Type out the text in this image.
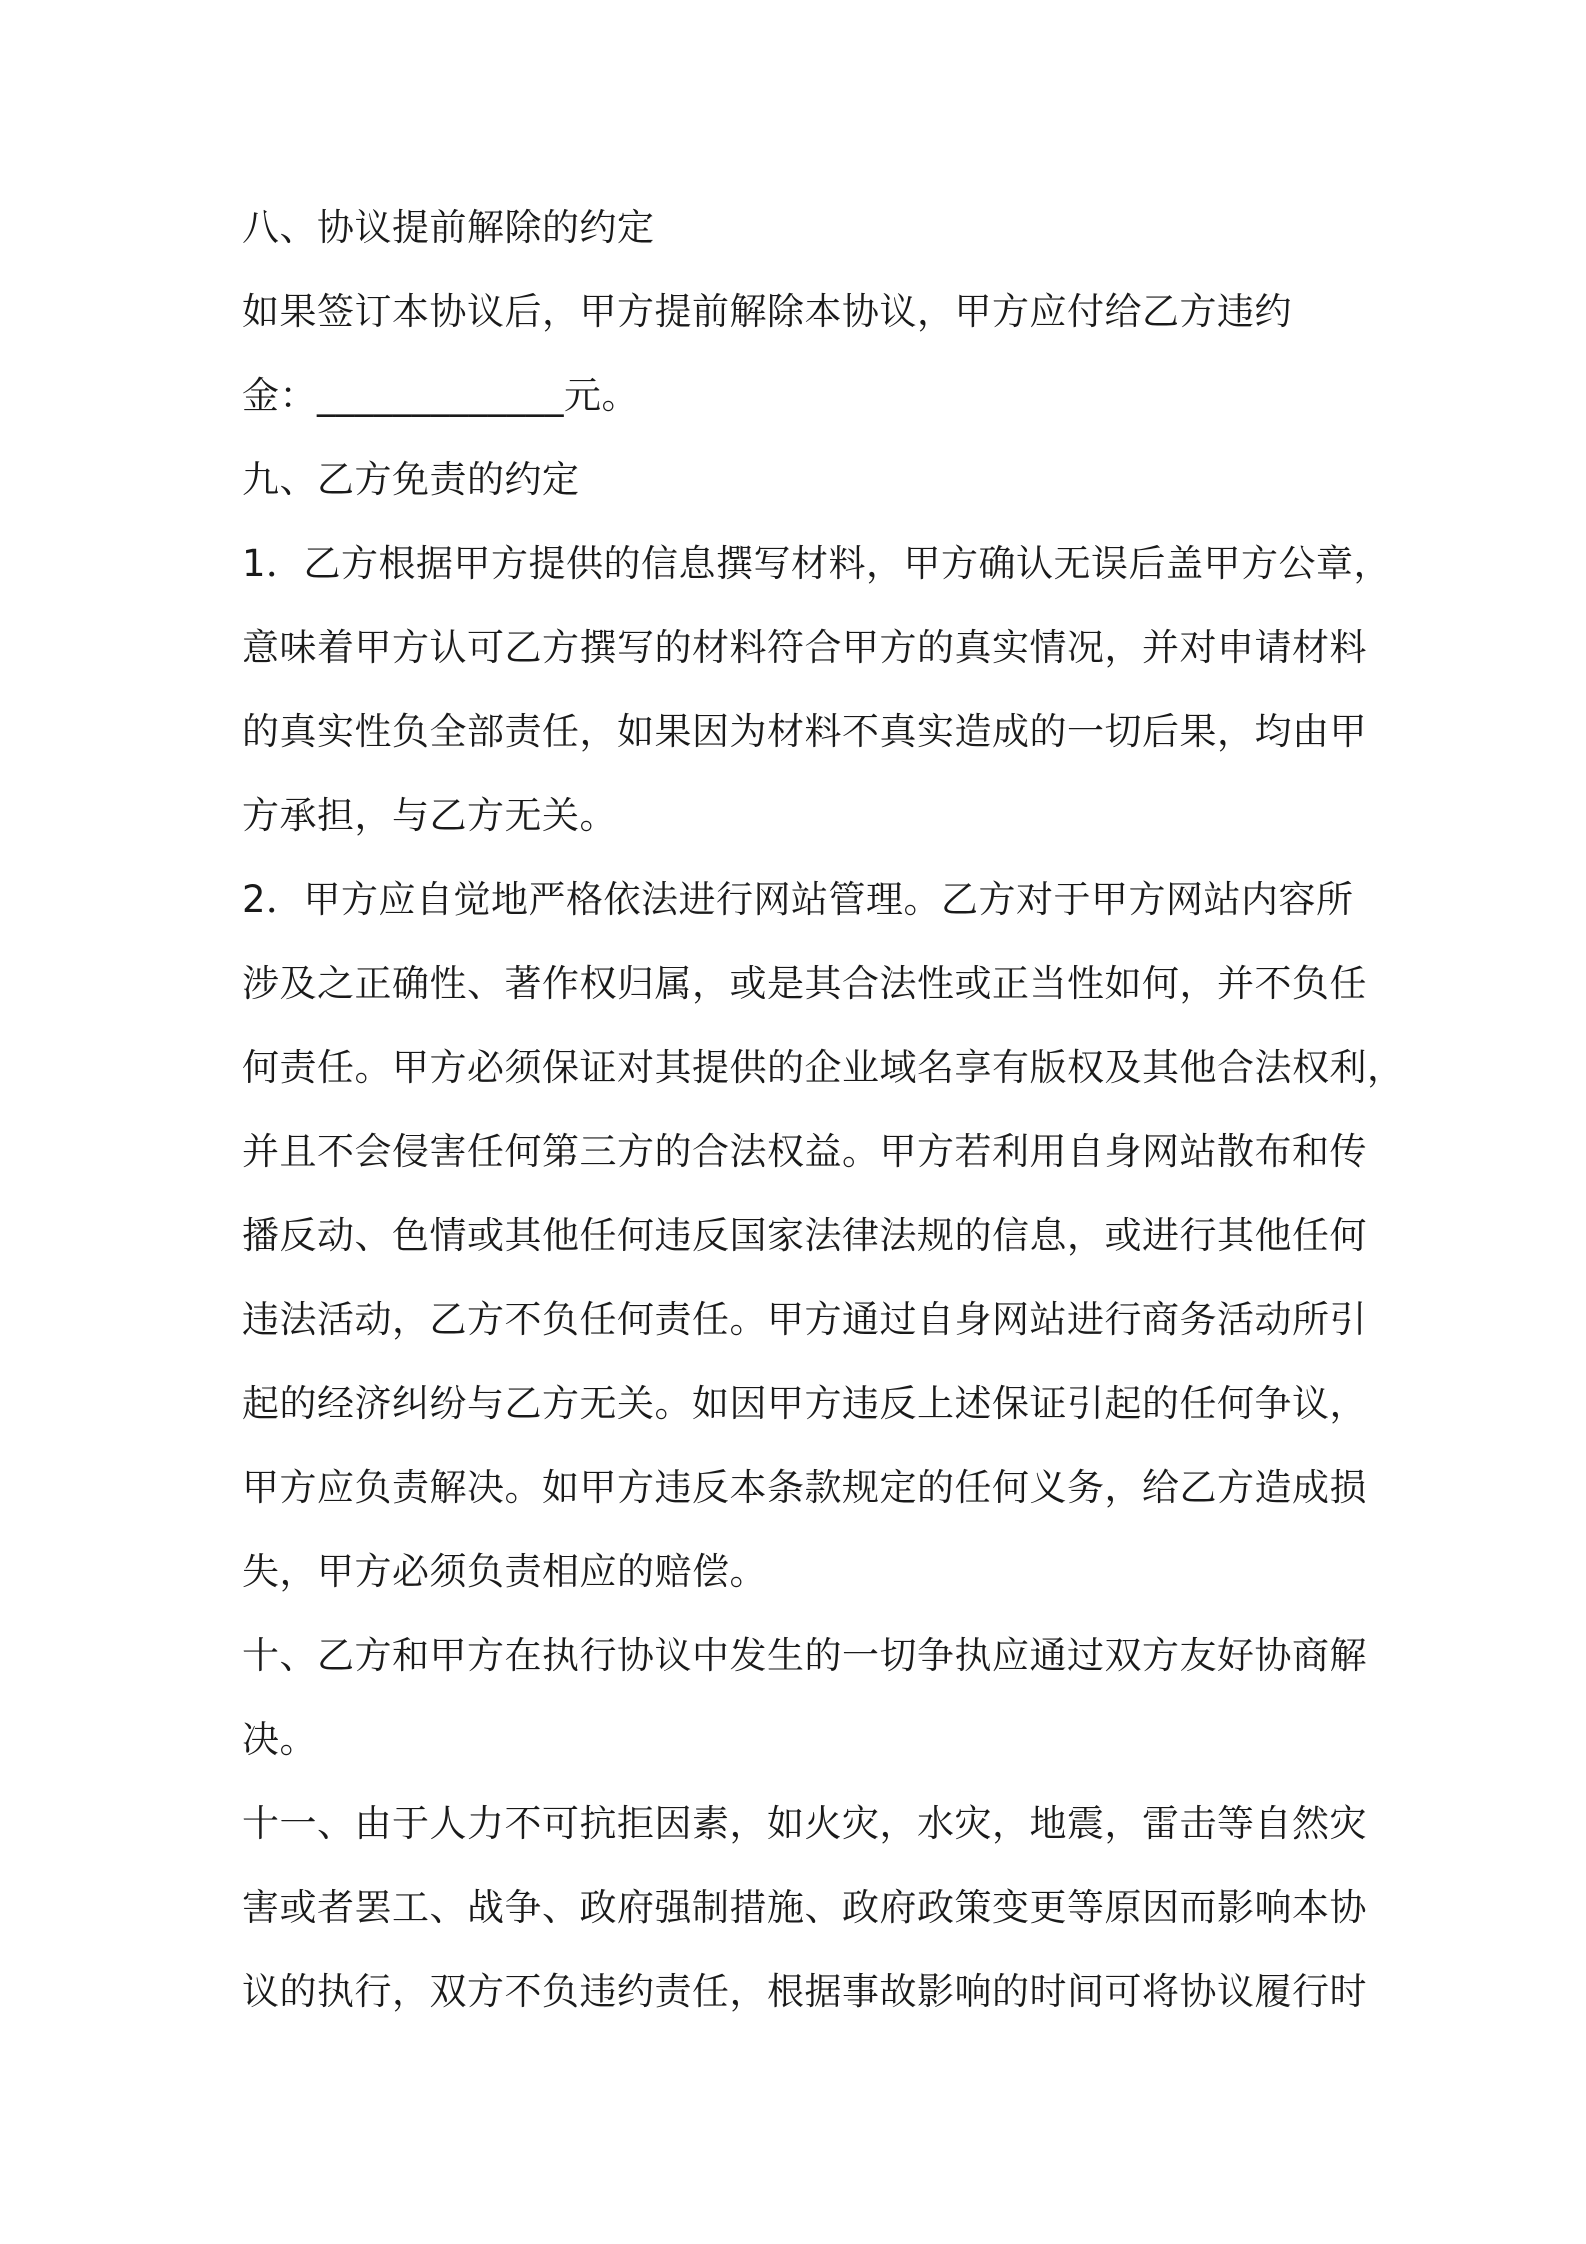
八、协议提前解除的约定
如果签订本协议后，甲方提前解除本协议，甲方应付给乙方违约
金：_____________元。
九、乙方免责的约定
1．乙方根据甲方提供的信息撰写材料，甲方确认无误后盖甲方公章，
意味着甲方认可乙方撰写的材料符合甲方的真实情况，并对申请材料
的真实性负全部责任，如果因为材料不真实造成的一切后果，均由甲
方承担，与乙方无关。
2．甲方应自觉地严格依法进行网站管理。乙方对于甲方网站内容所
涉及之正确性、著作权归属，或是其合法性或正当性如何，并不负任
何责任。甲方必须保证对其提供的企业域名享有版权及其他合法权利，
并且不会侵害任何第三方的合法权益。甲方若利用自身网站散布和传
播反动、色情或其他任何违反国家法律法规的信息，或进行其他任何
违法活动，乙方不负任何责任。甲方通过自身网站进行商务活动所引
起的经济纠纷与乙方无关。如因甲方违反上述保证引起的任何争议，
甲方应负责解决。如甲方违反本条款规定的任何义务，给乙方造成损
失，甲方必须负责相应的赔偿。
十、乙方和甲方在执行协议中发生的一切争执应通过双方友好协商解
决。
十一、由于人力不可抗拒因素，如火灾，水灾，地震，雷击等自然灾
害或者罢工、战争、政府强制措施、政府政策变更等原因而影响本协
议的执行，双方不负违约责任，根据事故影响的时间可将协议履行时
